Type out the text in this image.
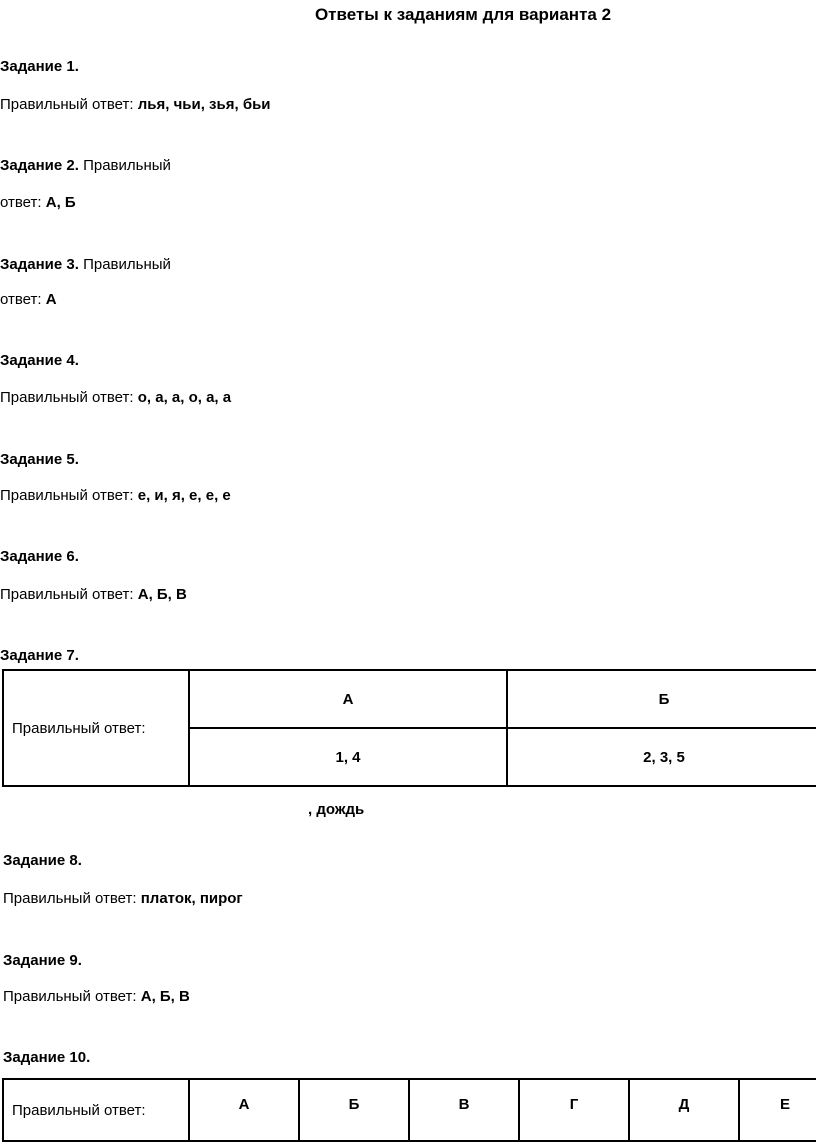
Ответы к заданиям для варианта 2
Задание 1.
Правильный ответ: лья, чьи, зья, бьи
Задание 2. Правильный
ответ: А, Б
Задание 3. Правильный
ответ: А
Задание 4.
Правильный ответ: о, а, а, о, а, а
Задание 5.
Правильный ответ: е, и, я, е, е, е
Задание 6.
Правильный ответ: А, Б, В
Задание 7.
Правильный ответ:	А	Б
	1, 4	2, 3, 5
, дождь
Задание 8.
Правильный ответ: платок, пирог
Задание 9.
Правильный ответ: А, Б, В
Задание 10.
Правильный ответ:	А	Б	В	Г	Д	Е
